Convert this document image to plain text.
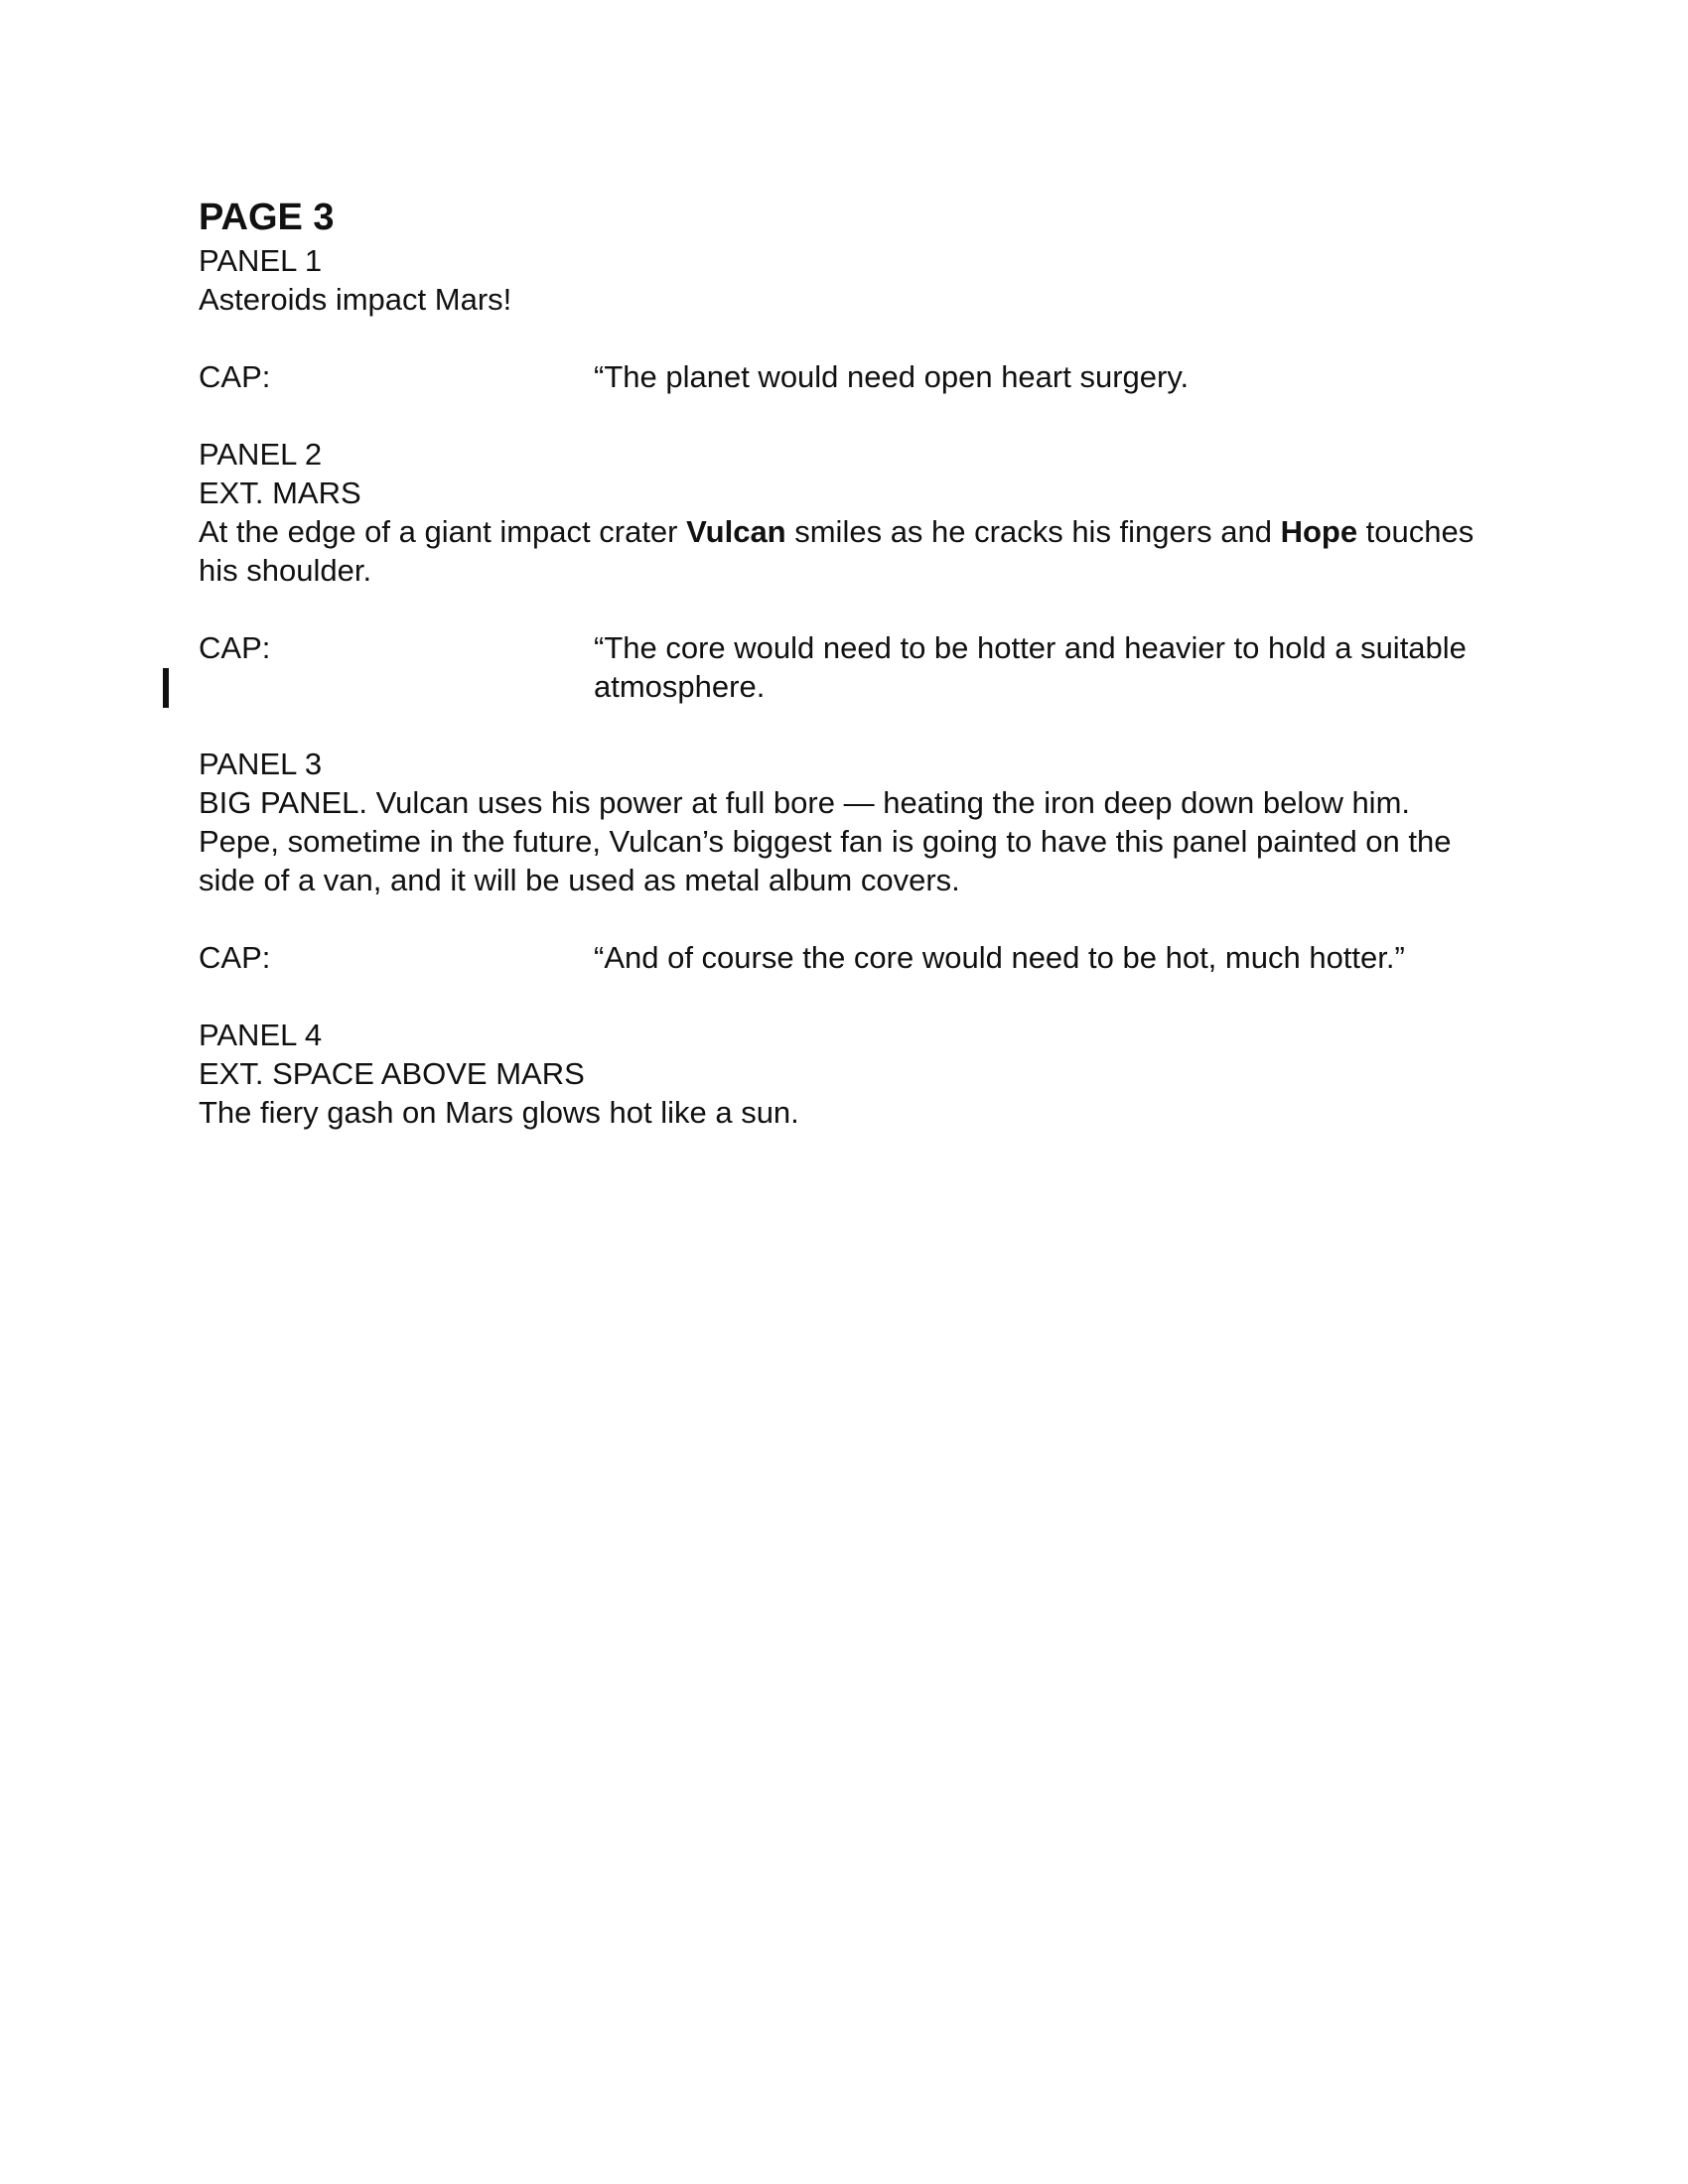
PAGE 3

PANEL 1

Asteroids impact Mars!

CAP:	“The planet would need open heart surgery.

PANEL 2

EXT. MARS

At the edge of a giant impact crater Vulcan smiles as he cracks his fingers and Hope touches his shoulder.

CAP:	“The core would need to be hotter and heavier to hold a suitable atmosphere.

PANEL 3

BIG PANEL. Vulcan uses his power at full bore — heating the iron deep down below him. Pepe, sometime in the future, Vulcan’s biggest fan is going to have this panel painted on the side of a van, and it will be used as metal album covers.

CAP:	“And of course the core would need to be hot, much hotter.”

PANEL 4

EXT. SPACE ABOVE MARS

The fiery gash on Mars glows hot like a sun.
